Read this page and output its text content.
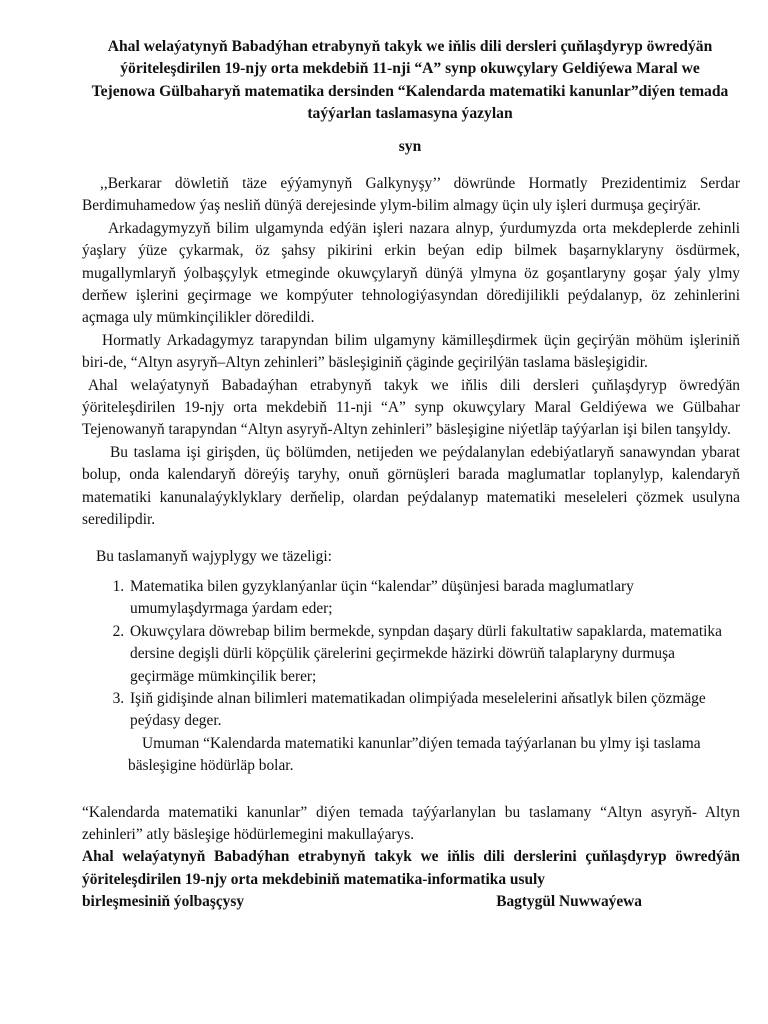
Ahal welaýatynyň Babadýhan etrabynyň takyk we iňlis dili dersleri çuňlaşdyryp öwredýän ýöriteleşdirilen 19-njy orta mekdebiň 11-nji “A” synp okuwçylary Geldiýewa Maral we Tejenowa Gülbaharyň matematika dersinden “Kalendarda matematiki kanunlar”diýen temada taýýarlan taslamasyna ýazylan
syn

,,Berkarar döwletiň täze eýýamynyň Galkynyşy’’ döwründe Hormatly Prezidentimiz Serdar Berdimuhamedow ýaş nesliň dünýä derejesinde ylym-bilim almagy üçin uly işleri durmuşa geçirýär.

Arkadagymyzyň bilim ulgamynda edýän işleri nazara alnyp, ýurdumyzda orta mekdeplerde zehinli ýaşlary ýüze çykarmak, öz şahsy pikirini erkin beýan edip bilmek başarnyklaryny ösdürmek, mugallymlaryň ýolbaşçylyk etmeginde okuwçylaryň dünýä ylmyna öz goşantlaryny goşar ýaly ylmy derňew işlerini geçirmage we kompýuter tehnologiýasyndan döredijilikli peýdalanyp, öz zehinlerini açmaga uly mümkinçilikler döredildi.

Hormatly Arkadagymyz tarapyndan bilim ulgamyny kämilleşdirmek üçin geçirýän möhüm işleriniň biri-de, “Altyn asyryň–Altyn zehinleri” bäsleşiginiň çäginde geçirilýän taslama bäsleşigidir.

Ahal welaýatynyň Babadaýhan etrabynyň takyk we iňlis dili dersleri çuňlaşdyryp öwredýän ýöriteleşdirilen 19-njy orta mekdebiň 11-nji “A” synp okuwçylary Maral Geldiýewa we Gülbahar Tejenowanyň tarapyndan “Altyn asyryň-Altyn zehinleri” bäsleşigine niýetläp taýýarlan işi bilen tanşyldy.

Bu taslama işi girişden, üç bölümden, netijeden we peýdalanylan edebiýatlaryň sanawyndan ybarat bolup, onda kalendaryň döreýiş taryhy, onuň görnüşleri barada maglumatlar toplanylyp, kalendaryň matematiki kanunalaýyklyklary derňelip, olardan peýdalanyp matematiki meseleleri çözmek usulyna seredilipdir.

Bu taslamanyň wajyplygy we täzeligi:

1. Matematika bilen gyzyklanýanlar üçin “kalendar” düşünjesi barada maglumatlary umumylaşdyrmaga ýardam eder;
2. Okuwçylara döwrebap bilim bermekde, synpdan daşary dürli fakultatiw sapaklarda, matematika dersine degişli dürli köpçülik çärelerini geçirmekde häzirki döwrüň talaplaryny durmuşa geçirmäge mümkinçilik berer;
3. Işiň gidişinde alnan bilimleri matematikadan olimpiýada meselelerini aňsatlyk bilen çözmäge peýdasy deger.

Umuman “Kalendarda matematiki kanunlar”diýen temada taýýarlanan bu ylmy işi taslama bäsleşigine hödürläp bolar.

“Kalendarda matematiki kanunlar” diýen temada taýýarlanylan bu taslamany “Altyn asyryň- Altyn zehinleri” atly bäsleşige hödürlemegini makullaýarys.

Ahal welaýatynyň Babadýhan etrabynyň takyk we iňlis dili derslerini çuňlaşdyryp öwredýän ýöriteleşdirilen 19-njy orta mekdebiniň matematika-informatika usuly

birleşmesiniň ýolbaşçysy	Bagtygül Nuwwaýewa
